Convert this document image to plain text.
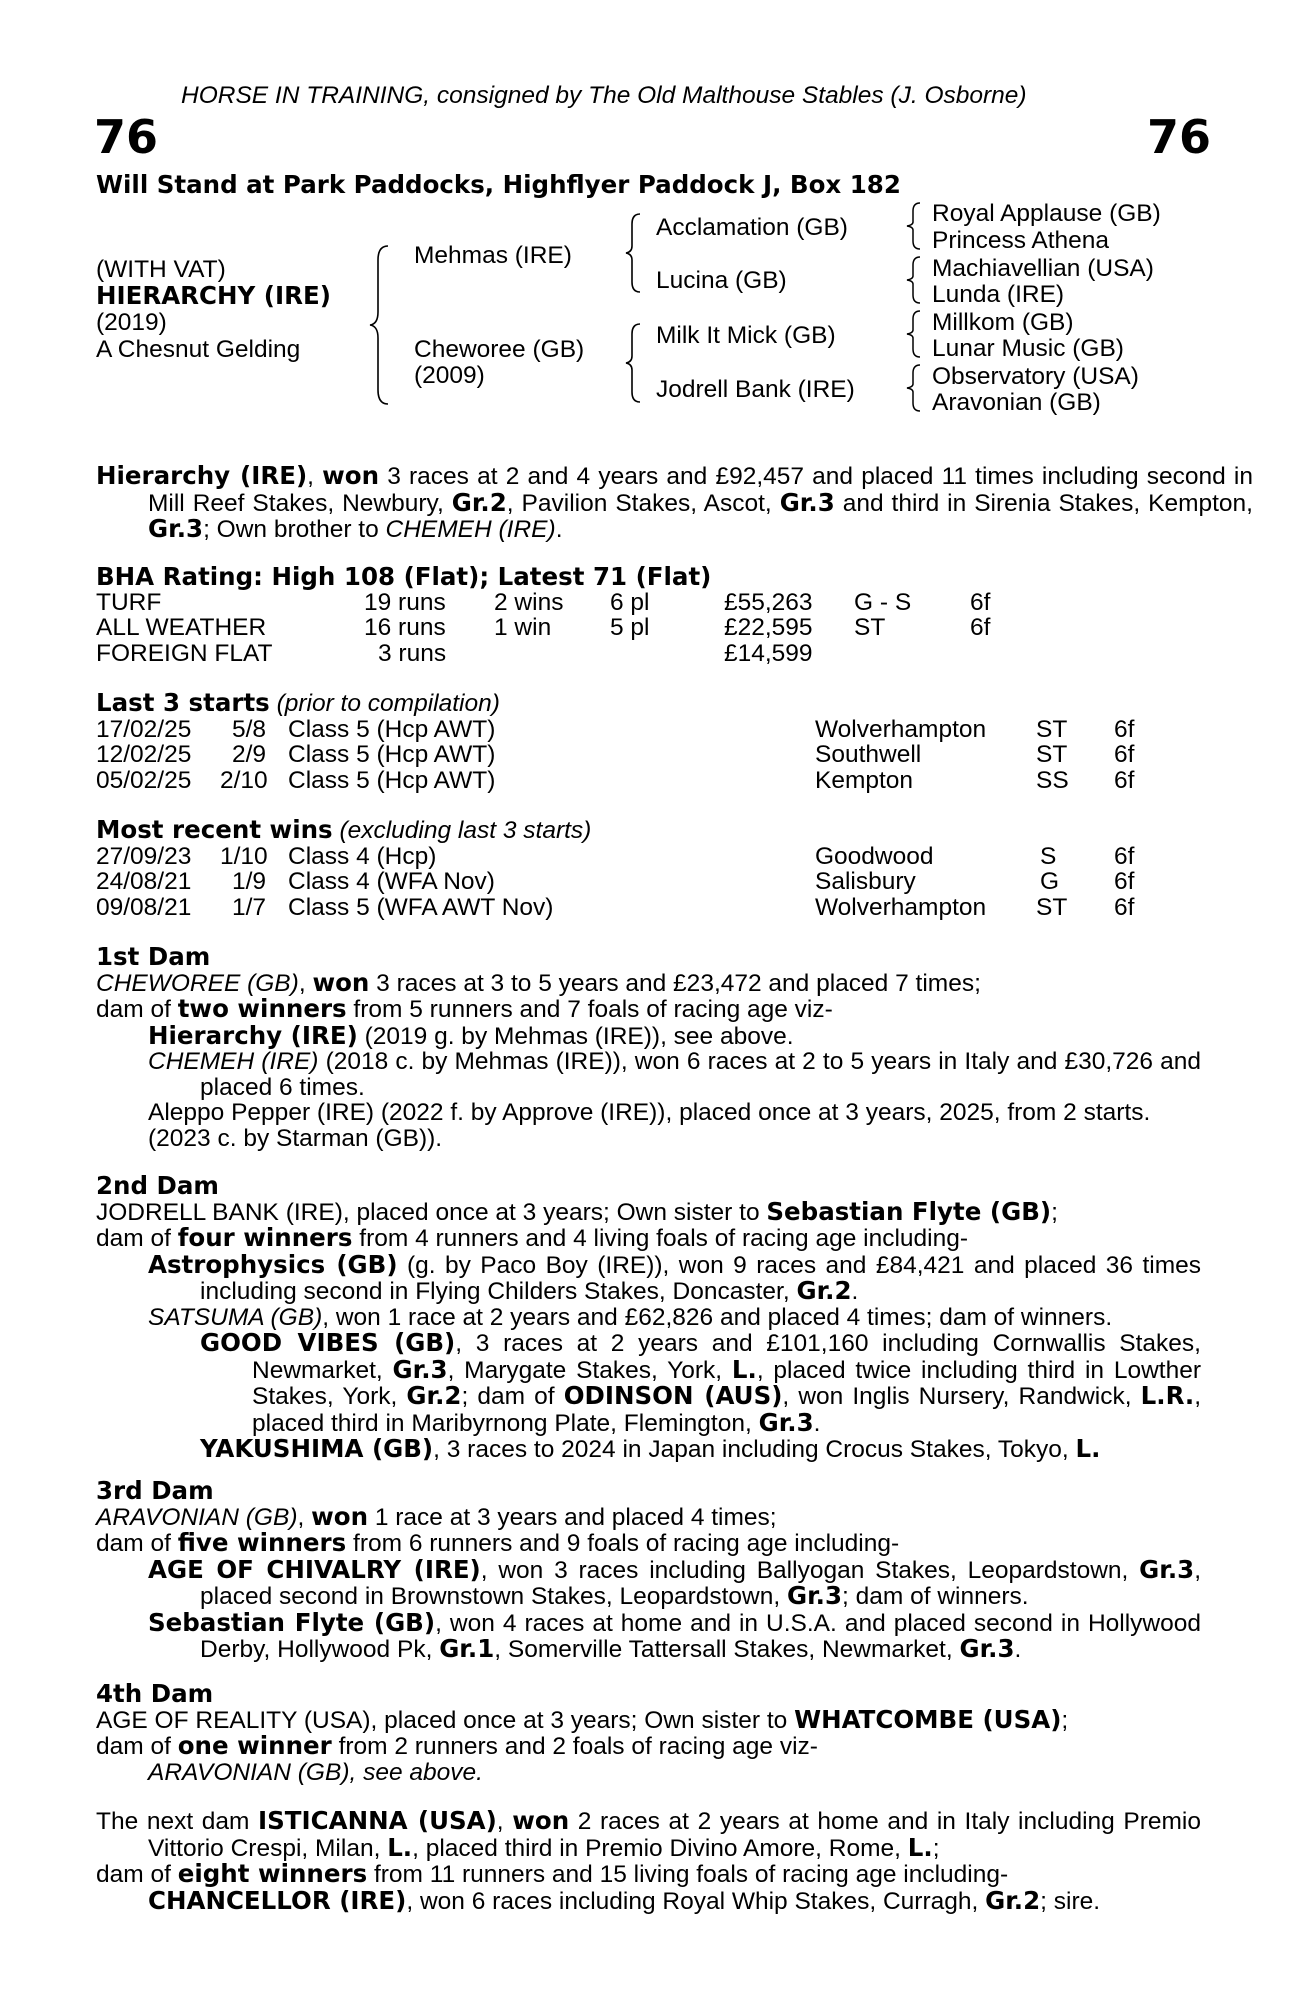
HORSE IN TRAINING, consigned by The Old Malthouse Stables (J. Osborne)
76	76
Will Stand at Park Paddocks, Highflyer Paddock J, Box 182
(WITH VAT)
HIERARCHY (IRE)
(2019)
A Chesnut Gelding
Mehmas (IRE)
Cheworee (GB)
(2009)
Acclamation (GB)
Lucina (GB)
Milk It Mick (GB)
Jodrell Bank (IRE)
Royal Applause (GB)
Princess Athena
Machiavellian (USA)
Lunda (IRE)
Millkom (GB)
Lunar Music (GB)
Observatory (USA)
Aravonian (GB)
Hierarchy (IRE), won 3 races at 2 and 4 years and £92,457 and placed 11 times including second in Mill Reef Stakes, Newbury, Gr.2, Pavilion Stakes, Ascot, Gr.3 and third in Sirenia Stakes, Kempton, Gr.3; Own brother to CHEMEH (IRE).
BHA Rating: High 108 (Flat); Latest 71 (Flat)
TURF	19 runs 2 wins 6 pl	£55,263 G - S 6f
ALL WEATHER	16 runs 1 win 5 pl	£22,595 ST	6f
FOREIGN FLAT	3 runs	£14,599
Last 3 starts (prior to compilation)
17/02/25 5/8 Class 5 (Hcp AWT)	Wolverhampton ST 6f
12/02/25 2/9 Class 5 (Hcp AWT)	Southwell	ST 6f
05/02/25 2/10 Class 5 (Hcp AWT)	Kempton	SS 6f
Most recent wins (excluding last 3 starts)
27/09/23 1/10 Class 4 (Hcp)	Goodwood	S 6f
24/08/21 1/9 Class 4 (WFA Nov)	Salisbury	G 6f
09/08/21 1/7 Class 5 (WFA AWT Nov)	Wolverhampton ST 6f
1st Dam

CHEWOREE (GB), won 3 races at 3 to 5 years and £23,472 and placed 7 times;

dam of two winners from 5 runners and 7 foals of racing age viz-

Hierarchy (IRE) (2019 g. by Mehmas (IRE)), see above.

CHEMEH (IRE) (2018 c. by Mehmas (IRE)), won 6 races at 2 to 5 years in Italy and £30,726 and placed 6 times.

Aleppo Pepper (IRE) (2022 f. by Approve (IRE)), placed once at 3 years, 2025, from 2 starts.

(2023 c. by Starman (GB)).

2nd Dam

JODRELL BANK (IRE), placed once at 3 years; Own sister to Sebastian Flyte (GB);

dam of four winners from 4 runners and 4 living foals of racing age including-

Astrophysics (GB) (g. by Paco Boy (IRE)), won 9 races and £84,421 and placed 36 times including second in Flying Childers Stakes, Doncaster, Gr.2.

SATSUMA (GB), won 1 race at 2 years and £62,826 and placed 4 times; dam of winners.

GOOD VIBES (GB), 3 races at 2 years and £101,160 including Cornwallis Stakes, Newmarket, Gr.3, Marygate Stakes, York, L., placed twice including third in Lowther Stakes, York, Gr.2; dam of ODINSON (AUS), won Inglis Nursery, Randwick, L.R., placed third in Maribyrnong Plate, Flemington, Gr.3.

YAKUSHIMA (GB), 3 races to 2024 in Japan including Crocus Stakes, Tokyo, L.

3rd Dam

ARAVONIAN (GB), won 1 race at 3 years and placed 4 times;

dam of five winners from 6 runners and 9 foals of racing age including-

AGE OF CHIVALRY (IRE), won 3 races including Ballyogan Stakes, Leopardstown, Gr.3, placed second in Brownstown Stakes, Leopardstown, Gr.3; dam of winners.

Sebastian Flyte (GB), won 4 races at home and in U.S.A. and placed second in Hollywood Derby, Hollywood Pk, Gr.1, Somerville Tattersall Stakes, Newmarket, Gr.3.

4th Dam

AGE OF REALITY (USA), placed once at 3 years; Own sister to WHATCOMBE (USA);

dam of one winner from 2 runners and 2 foals of racing age viz-

ARAVONIAN (GB), see above.

The next dam ISTICANNA (USA), won 2 races at 2 years at home and in Italy including Premio Vittorio Crespi, Milan, L., placed third in Premio Divino Amore, Rome, L.;

dam of eight winners from 11 runners and 15 living foals of racing age including-

CHANCELLOR (IRE), won 6 races including Royal Whip Stakes, Curragh, Gr.2; sire.
